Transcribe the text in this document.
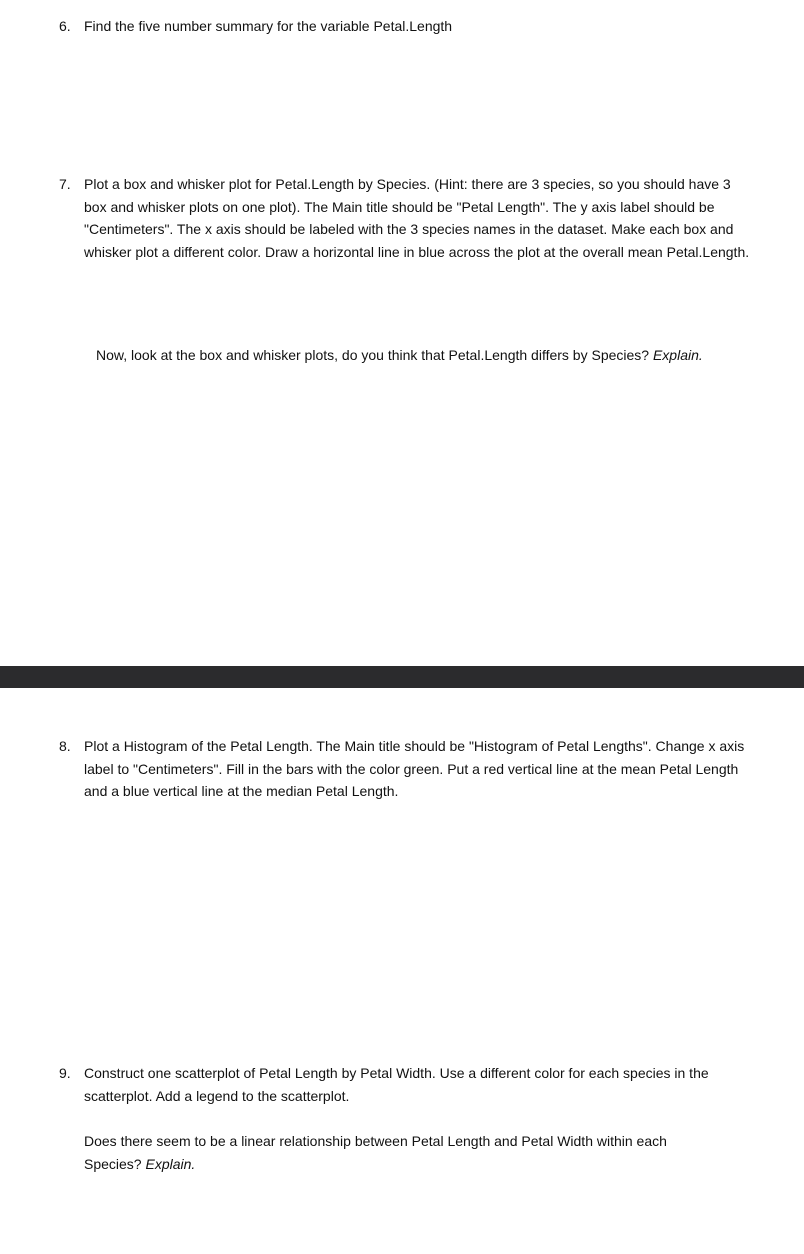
6. Find the five number summary for the variable Petal.Length
7. Plot a box and whisker plot for Petal.Length by Species. (Hint: there are 3 species, so you should have 3 box and whisker plots on one plot). The Main title should be "Petal Length". The y axis label should be "Centimeters". The x axis should be labeled with the 3 species names in the dataset. Make each box and whisker plot a different color. Draw a horizontal line in blue across the plot at the overall mean Petal.Length.
Now, look at the box and whisker plots, do you think that Petal.Length differs by Species? Explain.
8. Plot a Histogram of the Petal Length. The Main title should be "Histogram of Petal Lengths". Change x axis label to "Centimeters". Fill in the bars with the color green. Put a red vertical line at the mean Petal Length and a blue vertical line at the median Petal Length.
9. Construct one scatterplot of Petal Length by Petal Width. Use a different color for each species in the scatterplot. Add a legend to the scatterplot.
Does there seem to be a linear relationship between Petal Length and Petal Width within each Species? Explain.
